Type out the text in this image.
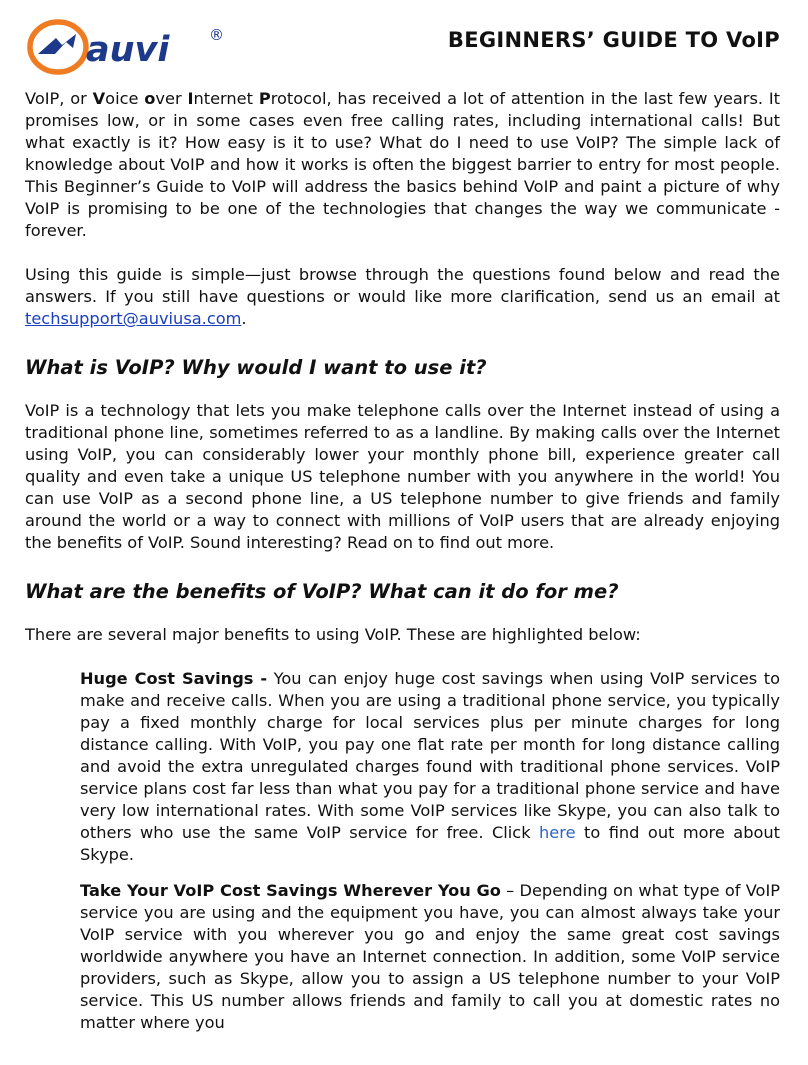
auvi	®	BEGINNERS’ GUIDE TO VoIP

VoIP, or Voice over Internet Protocol, has received a lot of attention in the last few years. It promises low, or in some cases even free calling rates, including international calls! But what exactly is it? How easy is it to use? What do I need to use VoIP? The simple lack of knowledge about VoIP and how it works is often the biggest barrier to entry for most people. This Beginner’s Guide to VoIP will address the basics behind VoIP and paint a picture of why VoIP is promising to be one of the technologies that changes the way we communicate - forever.

Using this guide is simple—just browse through the questions found below and read the answers. If you still have questions or would like more clarification, send us an email at techsupport@auviusa.com.

What is VoIP? Why would I want to use it?

VoIP is a technology that lets you make telephone calls over the Internet instead of using a traditional phone line, sometimes referred to as a landline. By making calls over the Internet using VoIP, you can considerably lower your monthly phone bill, experience greater call quality and even take a unique US telephone number with you anywhere in the world! You can use VoIP as a second phone line, a US telephone number to give friends and family around the world or a way to connect with millions of VoIP users that are already enjoying the benefits of VoIP. Sound interesting? Read on to find out more.

What are the benefits of VoIP? What can it do for me?

There are several major benefits to using VoIP. These are highlighted below:

Huge Cost Savings - You can enjoy huge cost savings when using VoIP services to make and receive calls. When you are using a traditional phone service, you typically pay a fixed monthly charge for local services plus per minute charges for long distance calling. With VoIP, you pay one flat rate per month for long distance calling and avoid the extra unregulated charges found with traditional phone services. VoIP service plans cost far less than what you pay for a traditional phone service and have very low international rates. With some VoIP services like Skype, you can also talk to others who use the same VoIP service for free. Click here to find out more about Skype.

Take Your VoIP Cost Savings Wherever You Go – Depending on what type of VoIP service you are using and the equipment you have, you can almost always take your VoIP service with you wherever you go and enjoy the same great cost savings worldwide anywhere you have an Internet connection. In addition, some VoIP service providers, such as Skype, allow you to assign a US telephone number to your VoIP service. This US number allows friends and family to call you at domestic rates no matter where you
